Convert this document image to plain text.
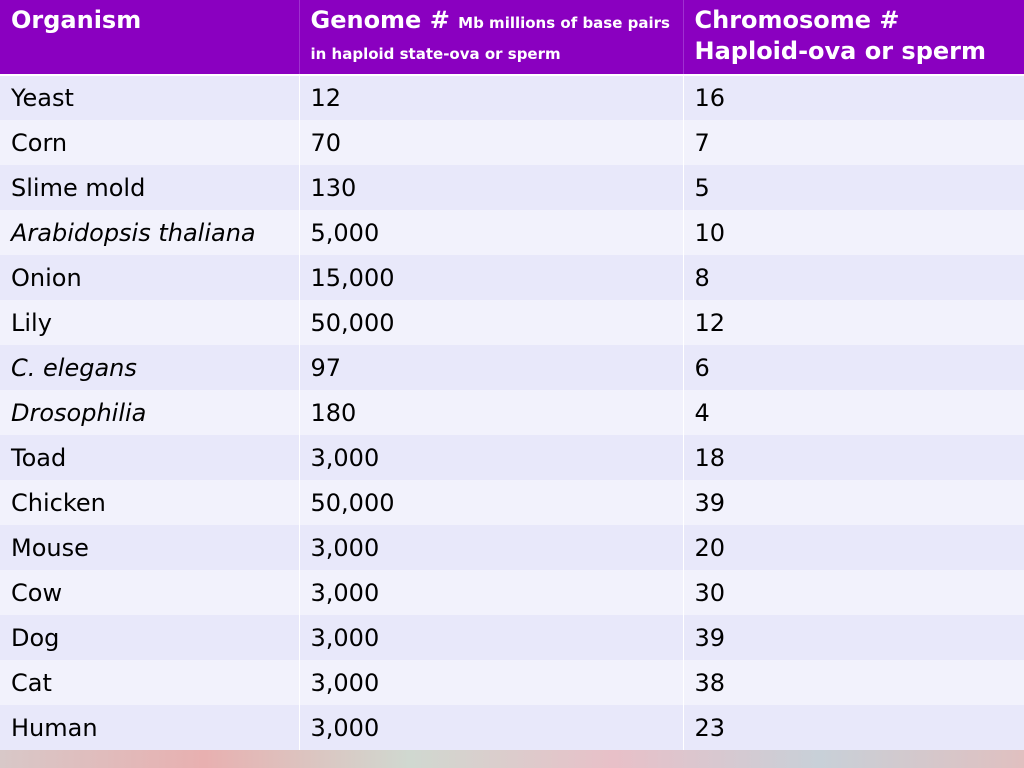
Organism	Genome # Mb millions of base pairs in haploid state-ova or sperm	Chromosome #
Haploid-ova or sperm
Yeast	12	16
Corn	70	7
Slime mold	130	5
Arabidopsis thaliana	5,000	10
Onion	15,000	8
Lily	50,000	12
C. elegans	97	6
Drosophilia	180	4
Toad	3,000	18
Chicken	50,000	39
Mouse	3,000	20
Cow	3,000	30
Dog	3,000	39
Cat	3,000	38
Human	3,000	23
